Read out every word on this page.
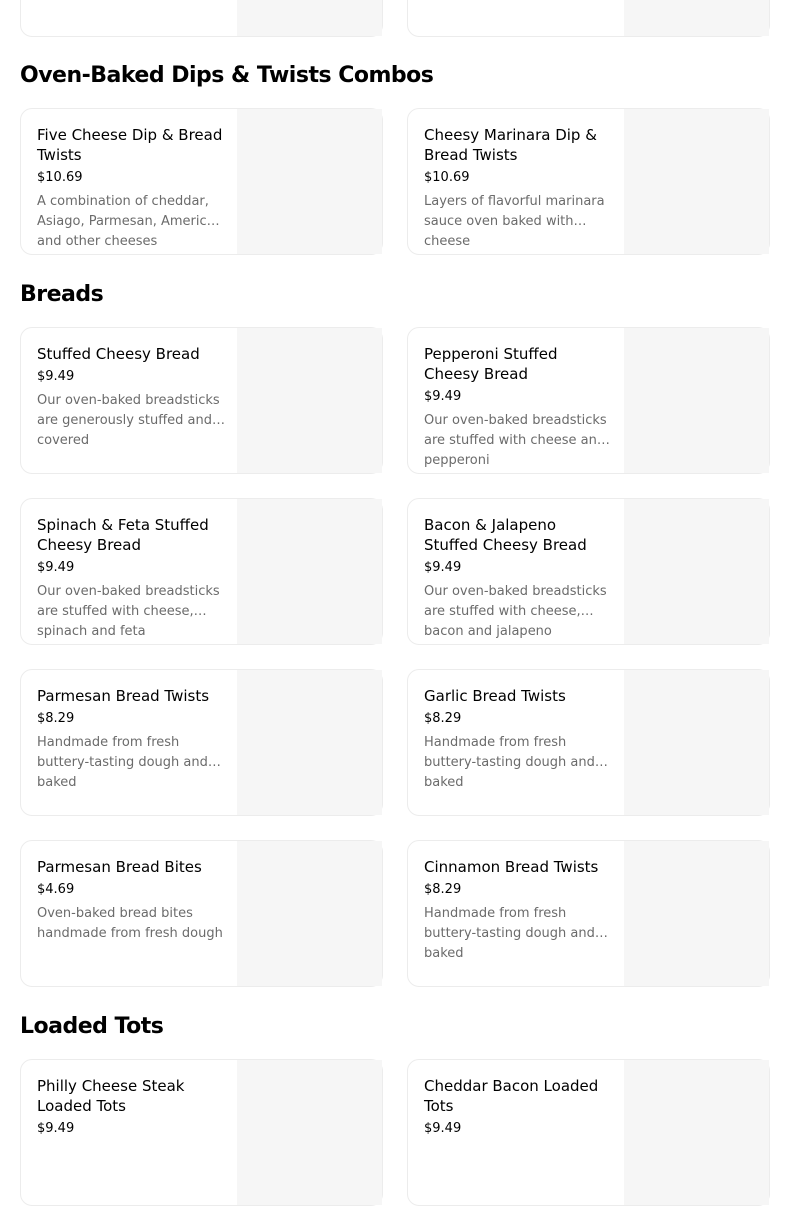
Oven-Baked Dips & Twists Combos
Five Cheese Dip & Bread Twists
$10.69
A combination of cheddar, Asiago, Parmesan, American and other cheeses
Cheesy Marinara Dip & Bread Twists
$10.69
Layers of flavorful marinara sauce oven baked with cheese
Breads
Stuffed Cheesy Bread
$9.49
Our oven-baked breadsticks are generously stuffed and covered
Pepperoni Stuffed Cheesy Bread
$9.49
Our oven-baked breadsticks are stuffed with cheese and pepperoni
Spinach & Feta Stuffed Cheesy Bread
$9.49
Our oven-baked breadsticks are stuffed with cheese, spinach and feta
Bacon & Jalapeno Stuffed Cheesy Bread
$9.49
Our oven-baked breadsticks are stuffed with cheese, bacon and jalapeno
Parmesan Bread Twists
$8.29
Handmade from fresh buttery-tasting dough and baked
Garlic Bread Twists
$8.29
Handmade from fresh buttery-tasting dough and baked
Parmesan Bread Bites
$4.69
Oven-baked bread bites handmade from fresh dough
Cinnamon Bread Twists
$8.29
Handmade from fresh buttery-tasting dough and baked
Loaded Tots
Philly Cheese Steak Loaded Tots
$9.49
Cheddar Bacon Loaded Tots
$9.49
